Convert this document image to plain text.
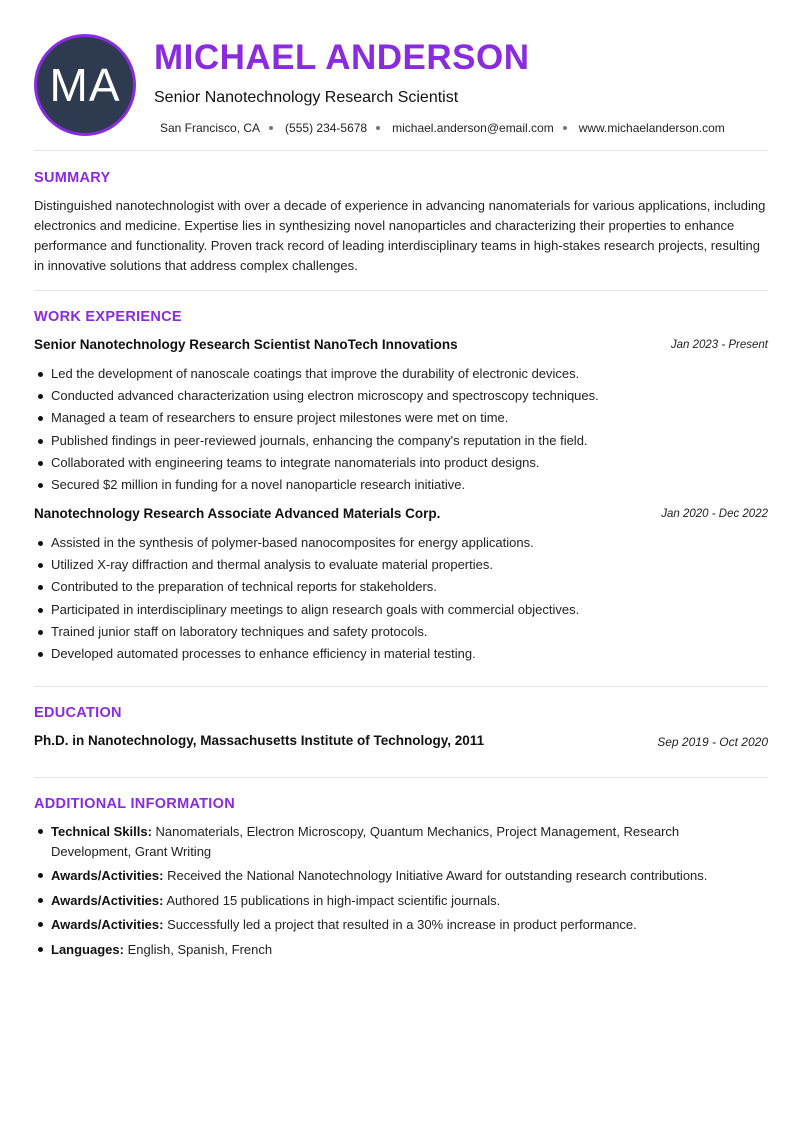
MA
MICHAEL ANDERSON
Senior Nanotechnology Research Scientist
San Francisco, CA (555) 234-5678 michael.anderson@email.com www.michaelanderson.com
SUMMARY
Distinguished nanotechnologist with over a decade of experience in advancing nanomaterials for various applications, including electronics and medicine. Expertise lies in synthesizing novel nanoparticles and characterizing their properties to enhance performance and functionality. Proven track record of leading interdisciplinary teams in high-stakes research projects, resulting in innovative solutions that address complex challenges.
WORK EXPERIENCE
Senior Nanotechnology Research Scientist NanoTech Innovations	Jan 2023 - Present
Led the development of nanoscale coatings that improve the durability of electronic devices.
Conducted advanced characterization using electron microscopy and spectroscopy techniques.
Managed a team of researchers to ensure project milestones were met on time.
Published findings in peer-reviewed journals, enhancing the company's reputation in the field.
Collaborated with engineering teams to integrate nanomaterials into product designs.
Secured $2 million in funding for a novel nanoparticle research initiative.
Nanotechnology Research Associate Advanced Materials Corp.	Jan 2020 - Dec 2022
Assisted in the synthesis of polymer-based nanocomposites for energy applications.
Utilized X-ray diffraction and thermal analysis to evaluate material properties.
Contributed to the preparation of technical reports for stakeholders.
Participated in interdisciplinary meetings to align research goals with commercial objectives.
Trained junior staff on laboratory techniques and safety protocols.
Developed automated processes to enhance efficiency in material testing.
EDUCATION
Ph.D. in Nanotechnology, Massachusetts Institute of Technology, 2011	Sep 2019 - Oct 2020
ADDITIONAL INFORMATION
Technical Skills: Nanomaterials, Electron Microscopy, Quantum Mechanics, Project Management, Research Development, Grant Writing
Awards/Activities: Received the National Nanotechnology Initiative Award for outstanding research contributions.
Awards/Activities: Authored 15 publications in high-impact scientific journals.
Awards/Activities: Successfully led a project that resulted in a 30% increase in product performance.
Languages: English, Spanish, French
